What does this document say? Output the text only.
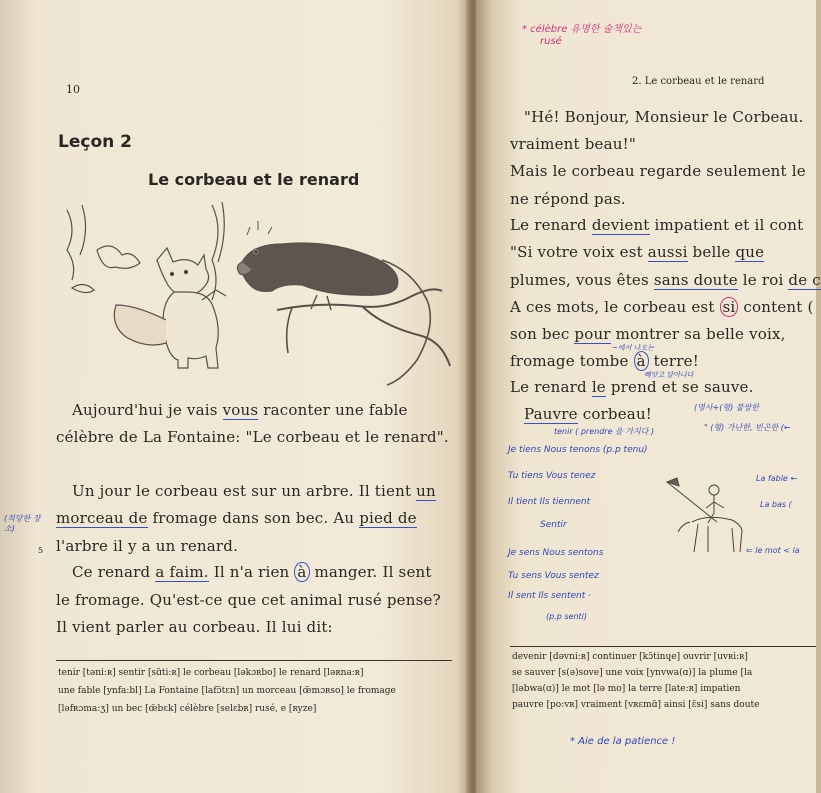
10
Leçon 2
Le corbeau et le renard
Aujourd'hui je vais vous raconter une fable
célèbre de La Fontaine: "Le corbeau et le renard".
Un jour le corbeau est sur un arbre. Il tient un
morceau de fromage dans son bec. Au pied de
l'arbre il y a un renard.
Ce renard a faim. Il n'a rien à manger. Il sent
le fromage. Qu'est-ce que cet animal rusé pense?
Il vient parler au corbeau. Il lui dit:
5
(적당한 장소)
tenir [təni:ʀ] sentir [sɑ̃ti:ʀ] le corbeau [ləkɔʀbo] le renard [ləʀna:ʀ]
une fable [ynfa:bl] La Fontaine [lafɔ̃tɛn] un morceau [œ̃mɔʀso] le fromage
[ləfʀɔma:ʒ] un bec [œ̃bɛk] célèbre [selɛbʀ] rusé, e [ʀyze]
* célèbre 유명한 술책있는
rusé
2. Le corbeau et le renard
"Hé! Bonjour, Monsieur le Corbeau.
vraiment beau!"
Mais le corbeau regarde seulement le
ne répond pas.
Le renard devient impatient et il cont
"Si votre voix est aussi belle que
plumes, vous êtes sans doute le roi de c
A ces mots, le corbeau est si content (
son bec pour montrer sa belle voix,
~에서 나오는
fromage tombe à terre!
빼앗고 달아나다
Le renard le prend et se sauve.
Pauvre corbeau!	(명사+(형) 불쌍한
" (형) 가난한, 빈곤한 (←
tenir ( prendre 을 가지다 )
Je tiens Nous tenons (p.p tenu)
Tu tiens Vous tenez
Il tient Ils tiennent
Sentir
Je sens Nous sentons
Tu sens Vous sentez
Il sent Ils sentent ·
(p.p senti)
La fable ←
La bas (
⇐ le mot < la
devenir [dəvni:ʀ] continuer [kɔ̃tinɥe] ouvrir [uvʀi:ʀ]
se sauver [s(ə)sove] une voix [ynvwa(ɑ)] la plume [la
[ləbwa(ɑ)] le mot [lə mo] la terre [late:ʀ] impatien
pauvre [po:vʀ] vraiment [vʀɛmɑ̃] ainsi [ɛ̃si] sans doute
* Aie de la patience !
